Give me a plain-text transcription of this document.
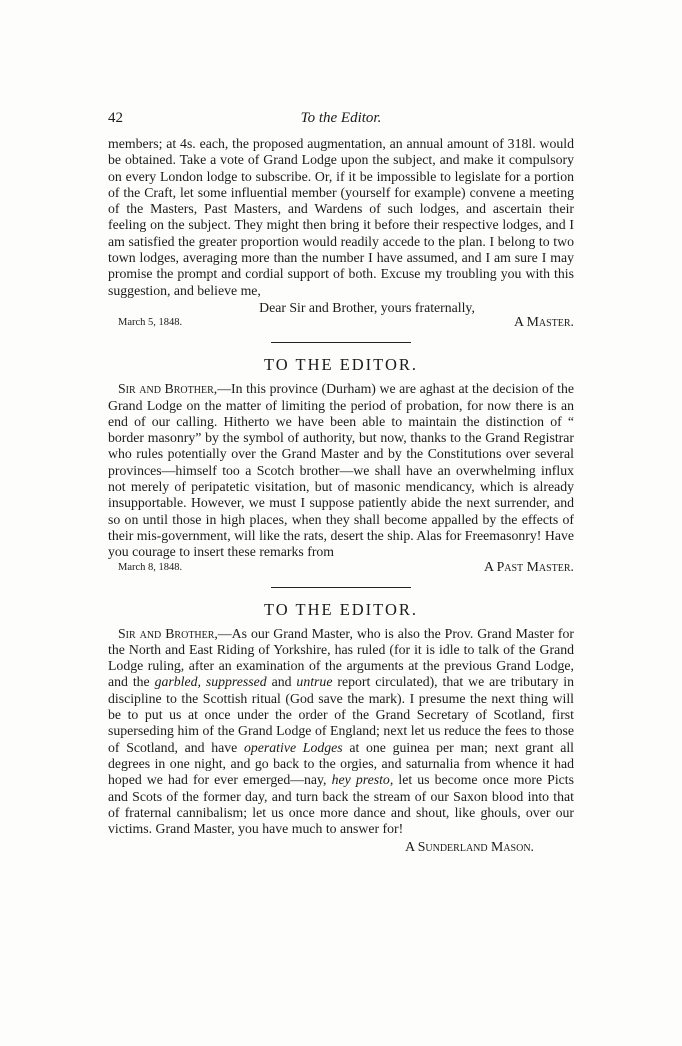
42	To the Editor.

members; at 4s. each, the proposed augmentation, an annual amount of 318l. would be obtained. Take a vote of Grand Lodge upon the subject, and make it compulsory on every London lodge to subscribe. Or, if it be impossible to legislate for a portion of the Craft, let some influential member (yourself for example) convene a meeting of the Masters, Past Masters, and Wardens of such lodges, and ascertain their feeling on the subject. They might then bring it before their respective lodges, and I am satisfied the greater proportion would readily accede to the plan. I belong to two town lodges, averaging more than the number I have assumed, and I am sure I may promise the prompt and cordial support of both. Excuse my troubling you with this suggestion, and believe me,

Dear Sir and Brother, yours fraternally,
March 5, 1848.	A Master.
TO THE EDITOR.

Sir and Brother,—In this province (Durham) we are aghast at the decision of the Grand Lodge on the matter of limiting the period of probation, for now there is an end of our calling. Hitherto we have been able to maintain the distinction of “ border masonry” by the symbol of authority, but now, thanks to the Grand Registrar who rules potentially over the Grand Master and by the Constitutions over several provinces—himself too a Scotch brother—we shall have an overwhelming influx not merely of peripatetic visitation, but of masonic mendicancy, which is already insupportable. However, we must I suppose patiently abide the next surrender, and so on until those in high places, when they shall become appalled by the effects of their mis-government, will like the rats, desert the ship. Alas for Freemasonry! Have you courage to insert these remarks from

March 8, 1848.	A Past Master.
TO THE EDITOR.

Sir and Brother,—As our Grand Master, who is also the Prov. Grand Master for the North and East Riding of Yorkshire, has ruled (for it is idle to talk of the Grand Lodge ruling, after an examination of the arguments at the previous Grand Lodge, and the garbled, suppressed and untrue report circulated), that we are tributary in discipline to the Scottish ritual (God save the mark). I presume the next thing will be to put us at once under the order of the Grand Secretary of Scotland, first superseding him of the Grand Lodge of England; next let us reduce the fees to those of Scotland, and have operative Lodges at one guinea per man; next grant all degrees in one night, and go back to the orgies, and saturnalia from whence it had hoped we had for ever emerged—nay, hey presto, let us become once more Picts and Scots of the former day, and turn back the stream of our Saxon blood into that of fraternal cannibalism; let us once more dance and shout, like ghouls, over our victims. Grand Master, you have much to answer for!

A Sunderland Mason.
